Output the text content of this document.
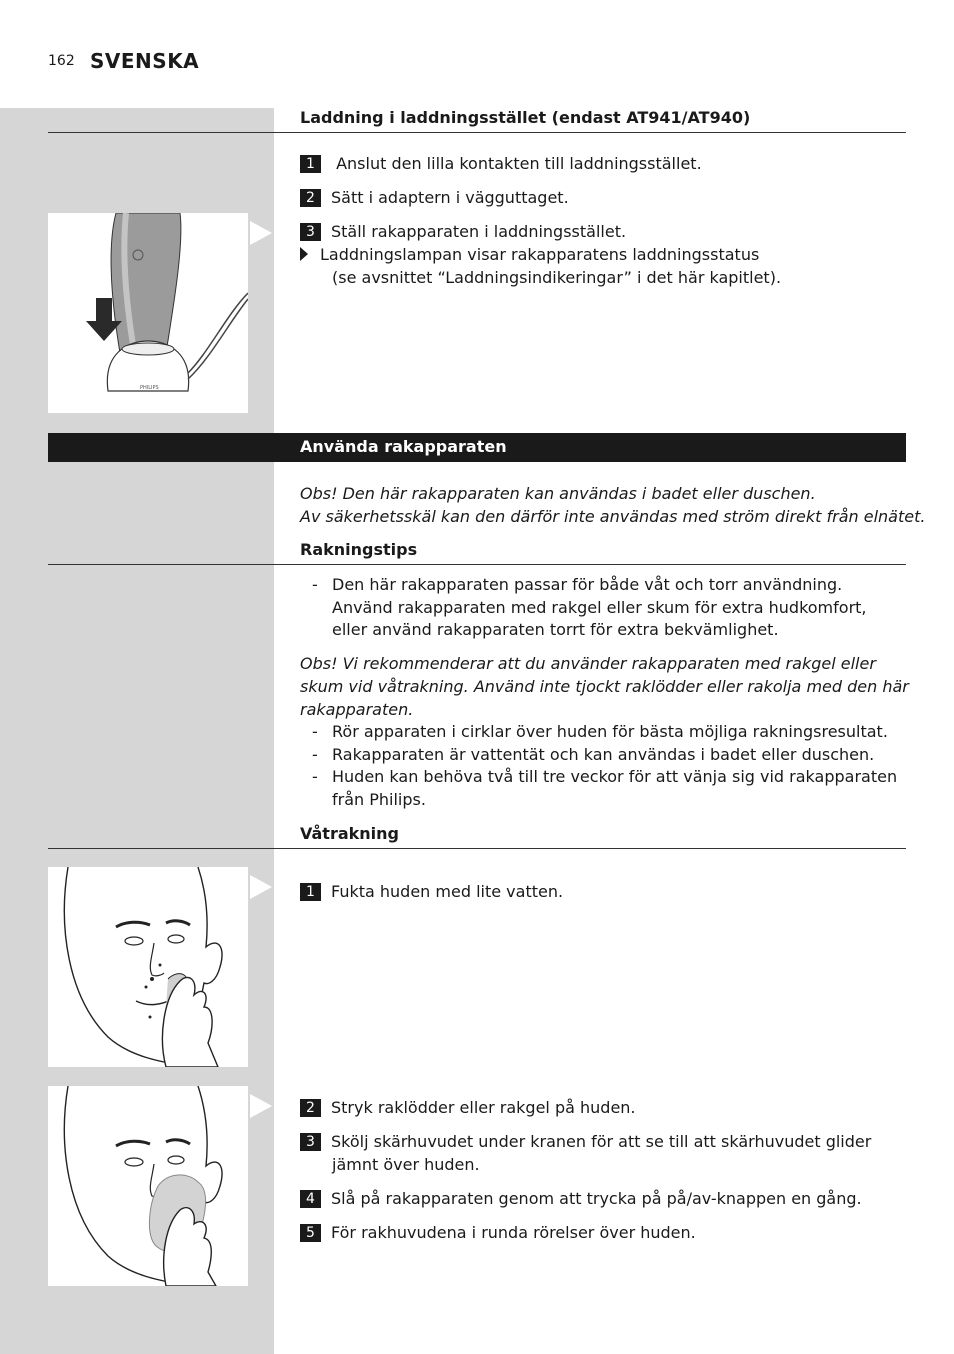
162 SVENSKA
Laddning i laddningsstället (endast AT941/AT940)
1 Anslut den lilla kontakten till laddningsstället.
2 Sätt i adaptern i vägguttaget.
3 Ställ rakapparaten i laddningsstället.
Laddningslampan visar rakapparatens laddningsstatus
(se avsnittet “Laddningsindikeringar” i det här kapitlet).
PHILIPS
Använda rakapparaten
Obs! Den här rakapparaten kan användas i badet eller duschen.
Av säkerhetsskäl kan den därför inte användas med ström direkt från elnätet.
Rakningstips
- Den här rakapparaten passar för både våt och torr användning.
Använd rakapparaten med rakgel eller skum för extra hudkomfort,
eller använd rakapparaten torrt för extra bekvämlighet.
Obs! Vi rekommenderar att du använder rakapparaten med rakgel eller
skum vid våtrakning. Använd inte tjockt raklödder eller rakolja med den här
rakapparaten.
- Rör apparaten i cirklar över huden för bästa möjliga rakningsresultat.
- Rakapparaten är vattentät och kan användas i badet eller duschen.
- Huden kan behöva två till tre veckor för att vänja sig vid rakapparaten
från Philips.
Våtrakning
1 Fukta huden med lite vatten.
2 Stryk raklödder eller rakgel på huden.
3 Skölj skärhuvudet under kranen för att se till att skärhuvudet glider
jämnt över huden.
4 Slå på rakapparaten genom att trycka på på/av-knappen en gång.
5 För rakhuvudena i runda rörelser över huden.
